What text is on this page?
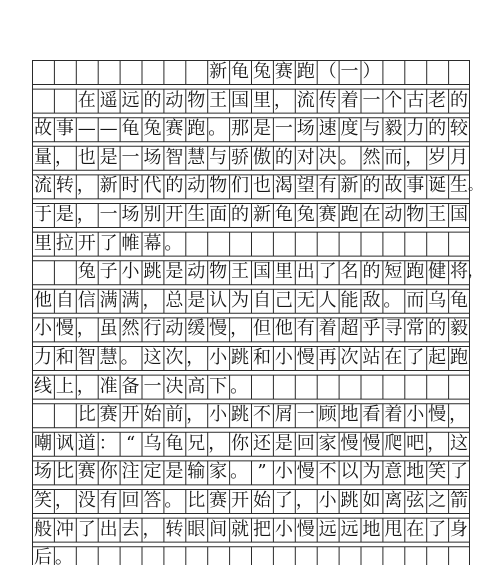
新 龟 兔 赛 跑 （ 一 ）
在 遥 远 的 动 物 王 国 里 ， 流 传 着 一 个 古 老 的
故 事 — — 龟 兔 赛 跑 。 那 是 一 场 速 度 与 毅 力 的 较
量 ， 也 是 一 场 智 慧 与 骄 傲 的 对 决 。 然 而 ， 岁 月
流 转 ， 新 时 代 的 动 物 们 也 渴 望 有 新 的 故 事 诞 生 。
于 是 ， 一 场 别 开 生 面 的 新 龟 兔 赛 跑 在 动 物 王 国
里 拉 开 了 帷 幕 。
兔 子 小 跳 是 动 物 王 国 里 出 了 名 的 短 跑 健 将 ，
他 自 信 满 满 ， 总 是 认 为 自 己 无 人 能 敌 。 而 乌 龟
小 慢 ， 虽 然 行 动 缓 慢 ， 但 他 有 着 超 乎 寻 常 的 毅
力 和 智 慧 。 这 次 ， 小 跳 和 小 慢 再 次 站 在 了 起 跑
线 上 ， 准 备 一 决 高 下 。
比 赛 开 始 前 ， 小 跳 不 屑 一 顾 地 看 着 小 慢 ，
嘲 讽 道 ： “ 乌 龟 兄 ， 你 还 是 回 家 慢 慢 爬 吧 ， 这
场 比 赛 你 注 定 是 输 家 。 ” 小 慢 不 以 为 意 地 笑 了
笑 ， 没 有 回 答 。 比 赛 开 始 了 ， 小 跳 如 离 弦 之 箭
般 冲 了 出 去 ， 转 眼 间 就 把 小 慢 远 远 地 甩 在 了 身
后 。
